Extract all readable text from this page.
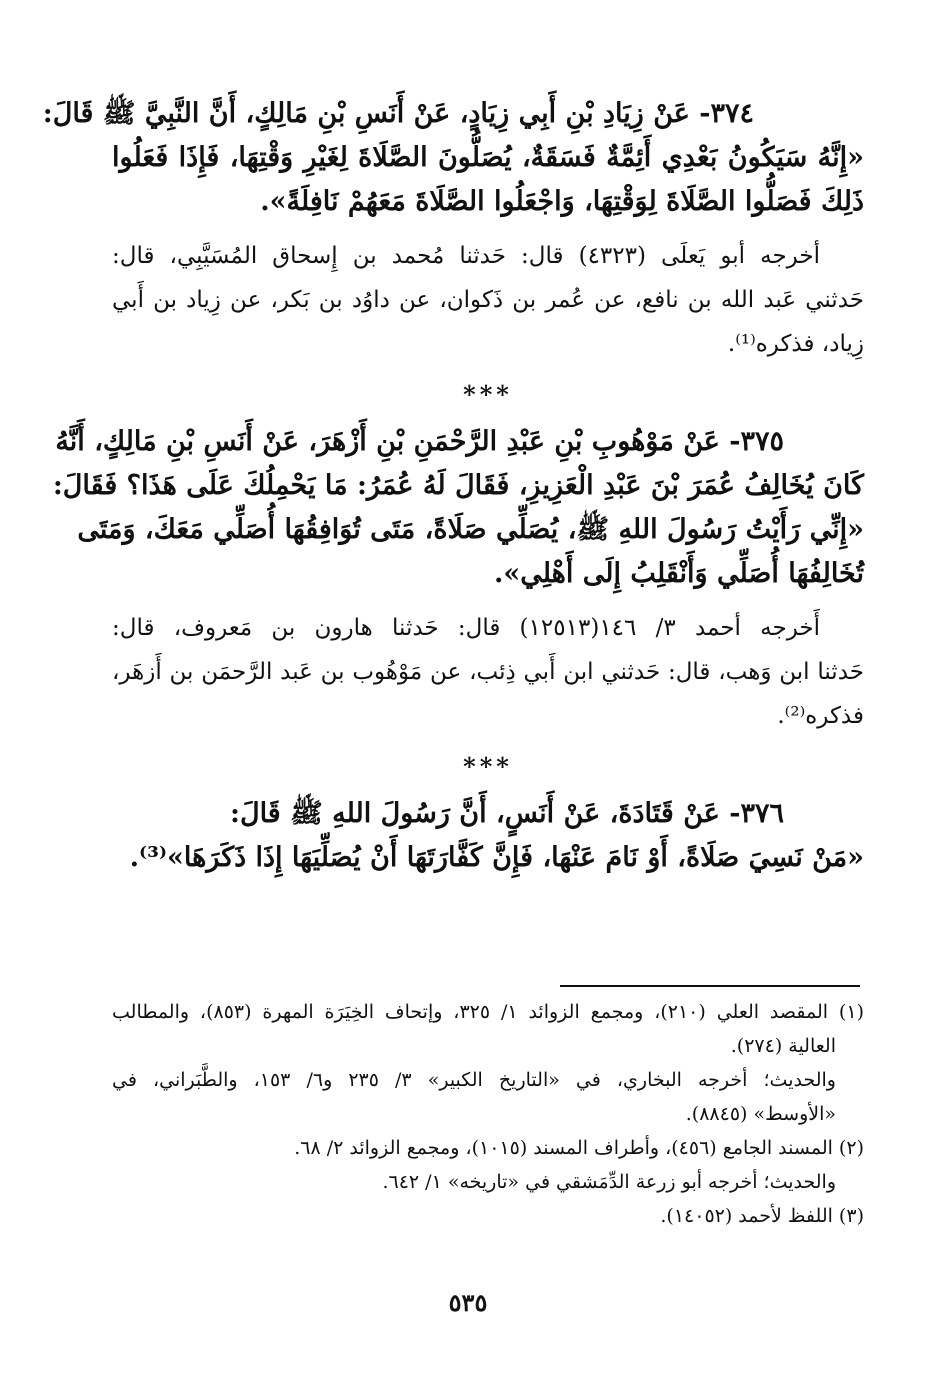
٣٧٤- عَنْ زِيَادِ بْنِ أَبِي زِيَادٍ، عَنْ أَنَسِ بْنِ مَالِكٍ، أَنَّ النَّبِيَّ ﷺ قَالَ:
«إِنَّهُ سَيَكُونُ بَعْدِي أَئِمَّةٌ فَسَقَةٌ، يُصَلُّونَ الصَّلَاةَ لِغَيْرِ وَقْتِهَا، فَإِذَا فَعَلُوا
ذَلِكَ فَصَلُّوا الصَّلَاةَ لِوَقْتِهَا، وَاجْعَلُوا الصَّلَاةَ مَعَهُمْ نَافِلَةً».
أخرجه أبو يَعلَى (٤٣٢٣) قال: حَدثنا مُحمد بن إِسحاق المُسَيَّبِي، قال:
حَدثني عَبد الله بن نافع، عن عُمر بن ذَكوان، عن داوُد بن بَكر، عن زِياد بن أَبي
زِياد، فذكره⁽¹⁾.
***
٣٧٥- عَنْ مَوْهُوبِ بْنِ عَبْدِ الرَّحْمَنِ بْنِ أَزْهَرَ، عَنْ أَنَسِ بْنِ مَالِكٍ، أَنَّهُ
كَانَ يُخَالِفُ عُمَرَ بْنَ عَبْدِ الْعَزِيزِ، فَقَالَ لَهُ عُمَرُ: مَا يَحْمِلُكَ عَلَى هَذَا؟ فَقَالَ:
«إِنِّي رَأَيْتُ رَسُولَ اللهِ ﷺ، يُصَلِّي صَلَاةً، مَتَى تُوَافِقُهَا أُصَلِّي مَعَكَ، وَمَتَى
تُخَالِفُهَا أُصَلِّي وَأَنْقَلِبُ إِلَى أَهْلِي».
أَخرجه أحمد ٣/ ١٤٦(١٢٥١٣) قال: حَدثنا هارون بن مَعروف، قال:
حَدثنا ابن وَهب، قال: حَدثني ابن أَبي ذِئب، عن مَوْهُوب بن عَبد الرَّحمَن بن أَزهَر،
فذكره⁽²⁾.
***
٣٧٦- عَنْ قَتَادَةَ، عَنْ أَنَسٍ، أَنَّ رَسُولَ اللهِ ﷺ قَالَ:
«مَنْ نَسِيَ صَلَاةً، أَوْ نَامَ عَنْهَا، فَإِنَّ كَفَّارَتَهَا أَنْ يُصَلِّيَهَا إِذَا ذَكَرَهَا»⁽³⁾.
(١) المقصد العلي (٢١٠)، ومجمع الزوائد ١/ ٣٢٥، وإتحاف الخِيَرَة المهرة (٨٥٣)، والمطالب
العالية (٢٧٤).
والحديث؛ أخرجه البخاري، في «التاريخ الكبير» ٣/ ٢٣٥ و٦/ ١٥٣، والطَّبَراني، في
«الأوسط» (٨٨٤٥).
(٢) المسند الجامع (٤٥٦)، وأطراف المسند (١٠١٥)، ومجمع الزوائد ٢/ ٦٨.
والحديث؛ أخرجه أبو زرعة الدِّمَشقي في «تاريخه» ١/ ٦٤٢.
(٣) اللفظ لأحمد (١٤٠٥٢).
٥٣٥
